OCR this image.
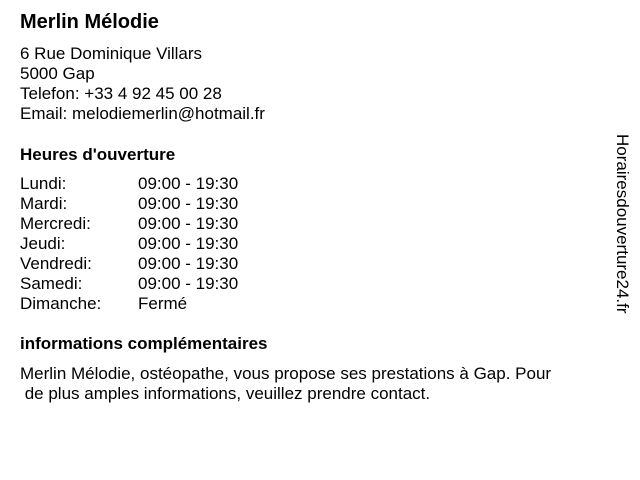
Merlin Mélodie
6 Rue Dominique Villars
5000 Gap
Telefon: +33 4 92 45 00 28
Email: melodiemerlin@hotmail.fr
Heures d'ouverture
Lundi:	09:00 - 19:30
Mardi:	09:00 - 19:30
Mercredi:	09:00 - 19:30
Jeudi:	09:00 - 19:30
Vendredi:	09:00 - 19:30
Samedi:	09:00 - 19:30
Dimanche:	Fermé
informations complémentaires
Merlin Mélodie, ostéopathe, vous propose ses prestations à Gap. Pour
de plus amples informations, veuillez prendre contact.
Horairesdouverture24.fr
